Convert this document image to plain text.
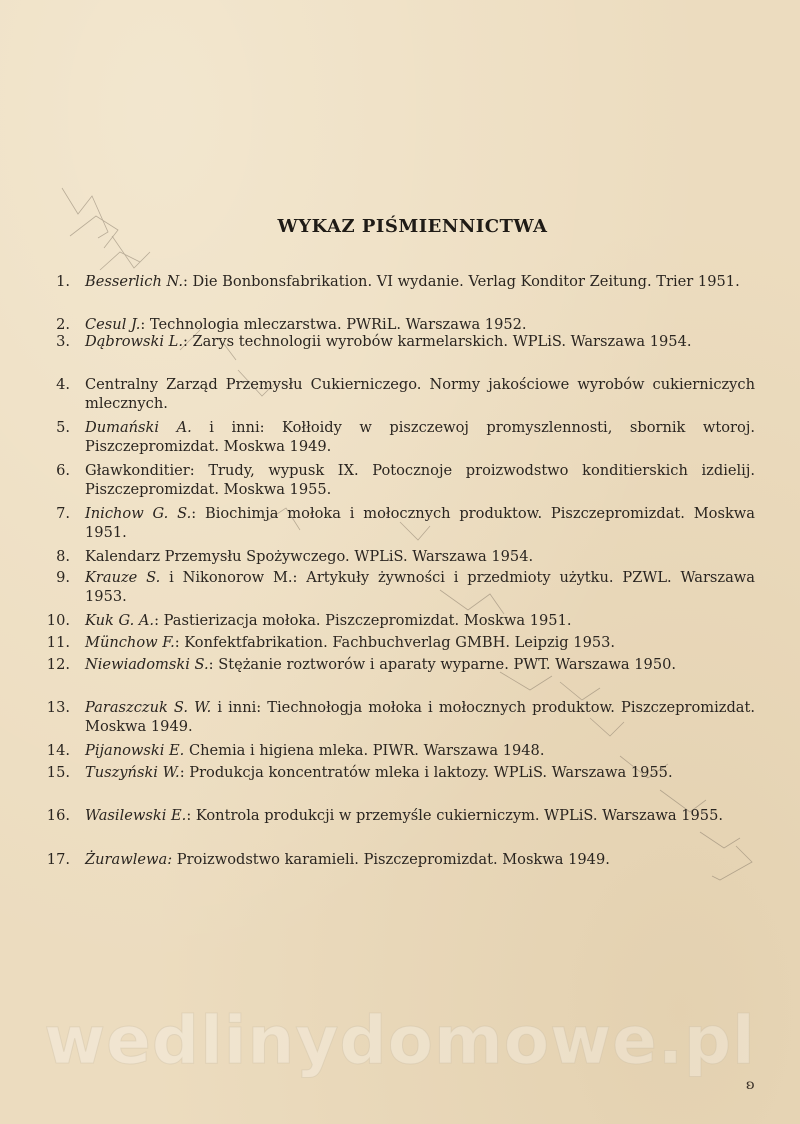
WYKAZ PIŚMIENNICTWA
1. Besserlich N.: Die Bonbonsfabrikation. VI wydanie. Verlag Konditor Zeitung. Trier 1951.
2. Cesul J.: Technologia mleczarstwa. PWRiL. Warszawa 1952.
3. Dąbrowski L.: Zarys technologii wyrobów karmelarskich. WPLiS. Warszawa 1954.
4. Centralny Zarząd Przemysłu Cukierniczego. Normy jakościowe wyrobów cukierniczych mlecznych.
5. Dumański A. i inni: Kołłoidy w piszczewoj promyszlennosti, sbornik wtoroj. Piszczepromizdat. Moskwa 1949.
6. Gławkonditier: Trudy, wypusk IX. Potocznoje proizwodstwo konditierskich izdielij. Piszczepromizdat. Moskwa 1955.
7. Inichow G. S.: Biochimja mołoka i mołocznych produktow. Piszczepromizdat. Moskwa 1951.
8. Kalendarz Przemysłu Spożywczego. WPLiS. Warszawa 1954.
9. Krauze S. i Nikonorow M.: Artykuły żywności i przedmioty użytku. PZWL. Warszawa 1953.
10. Kuk G. A.: Pastierizacja mołoka. Piszczepromizdat. Moskwa 1951.
11. Münchow F.: Konfektfabrikation. Fachbuchverlag GMBH. Leipzig 1953.
12. Niewiadomski S.: Stężanie roztworów i aparaty wyparne. PWT. Warszawa 1950.
13. Paraszczuk S. W. i inni: Tiechnołogja mołoka i mołocznych produktow. Piszczepromizdat. Moskwa 1949.
14. Pijanowski E. Chemia i higiena mleka. PIWR. Warszawa 1948.
15. Tuszyński W.: Produkcja koncentratów mleka i laktozy. WPLiS. Warszawa 1955.
16. Wasilewski E.: Kontrola produkcji w przemyśle cukierniczym. WPLiS. Warszawa 1955.
17. Żurawlewa: Proizwodstwo karamieli. Piszczepromizdat. Moskwa 1949.
wedlinydomowe.pl
ʚ
